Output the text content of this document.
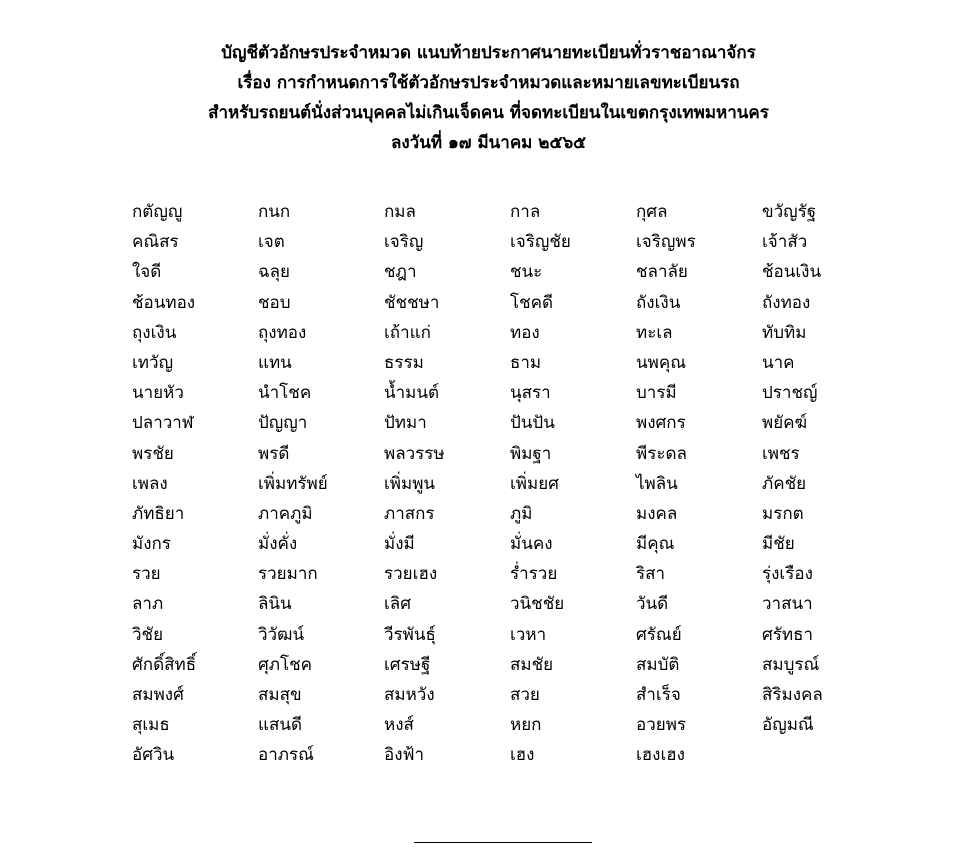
บัญชีตัวอักษรประจำหมวด แนบท้ายประกาศนายทะเบียนทั่วราชอาณาจักร
เรื่อง การกำหนดการใช้ตัวอักษรประจำหมวดและหมายเลขทะเบียนรถ
สำหรับรถยนต์นั่งส่วนบุคคลไม่เกินเจ็ดคน ที่จดทะเบียนในเขตกรุงเทพมหานคร
ลงวันที่ ๑๗ มีนาคม ๒๕๖๕
กตัญญู	กนก	กมล	กาล	กุศล	ขวัญรัฐ
คณิสร	เจต	เจริญ	เจริญชัย	เจริญพร	เจ้าสัว
ใจดี	ฉลุย	ชฎา	ชนะ	ชลาลัย	ช้อนเงิน
ช้อนทอง	ชอบ	ชัชชษา	โชคดี	ถังเงิน	ถังทอง
ถุงเงิน	ถุงทอง	เถ้าแก่	ทอง	ทะเล	ทับทิม
เทวัญ	แทน	ธรรม	ธาม	นพคุณ	นาค
นายหัว	นำโชค	น้ำมนต์	นุสรา	บารมี	ปราชญ์
ปลาวาฬ	ปัญญา	ปัทมา	ปันปัน	พงศกร	พยัคฆ์
พรชัย	พรดี	พลวรรษ	พิมฐา	พีระดล	เพชร
เพลง	เพิ่มทรัพย์	เพิ่มพูน	เพิ่มยศ	ไพลิน	ภัคชัย
ภัทธิยา	ภาคภูมิ	ภาสกร	ภูมิ	มงคล	มรกต
มังกร	มั่งคั่ง	มั่งมี	มั่นคง	มีคุณ	มีชัย
รวย	รวยมาก	รวยเฮง	ร่ำรวย	ริสา	รุ่งเรือง
ลาภ	ลินิน	เลิศ	วนิชชัย	วันดี	วาสนา
วิชัย	วิวัฒน์	วีรพันธุ์	เวหา	ศรัณย์	ศรัทธา
ศักดิ์สิทธิ์	ศุภโชค	เศรษฐี	สมชัย	สมบัติ	สมบูรณ์
สมพงศ์	สมสุข	สมหวัง	สวย	สำเร็จ	สิริมงคล
สุเมธ	แสนดี	หงส์	หยก	อวยพร	อัญมณี
อัศวิน	อาภรณ์	อิงฟ้า	เฮง	เฮงเฮง
